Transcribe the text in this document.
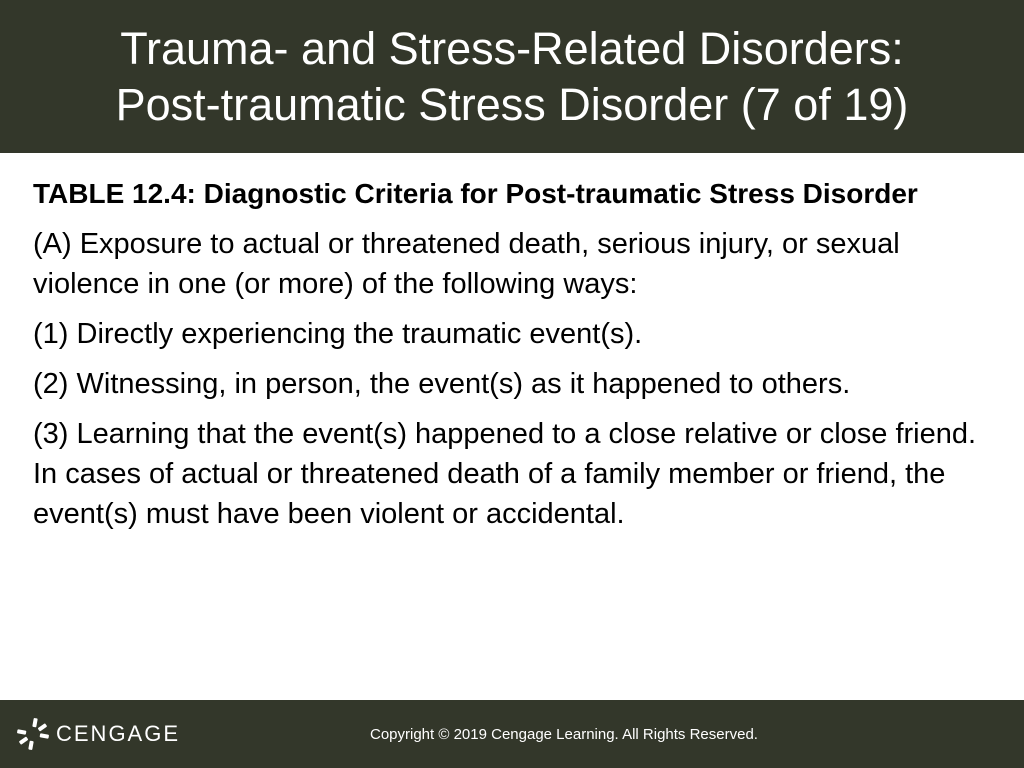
Trauma- and Stress-Related Disorders:
Post-traumatic Stress Disorder (7 of 19)

TABLE 12.4: Diagnostic Criteria for Post-traumatic Stress Disorder

(A) Exposure to actual or threatened death, serious injury, or sexual violence in one (or more) of the following ways:

(1) Directly experiencing the traumatic event(s).

(2) Witnessing, in person, the event(s) as it happened to others.

(3) Learning that the event(s) happened to a close relative or close friend. In cases of actual or threatened death of a family member or friend, the event(s) must have been violent or accidental.

CENGAGE	Copyright © 2019 Cengage Learning. All Rights Reserved.
